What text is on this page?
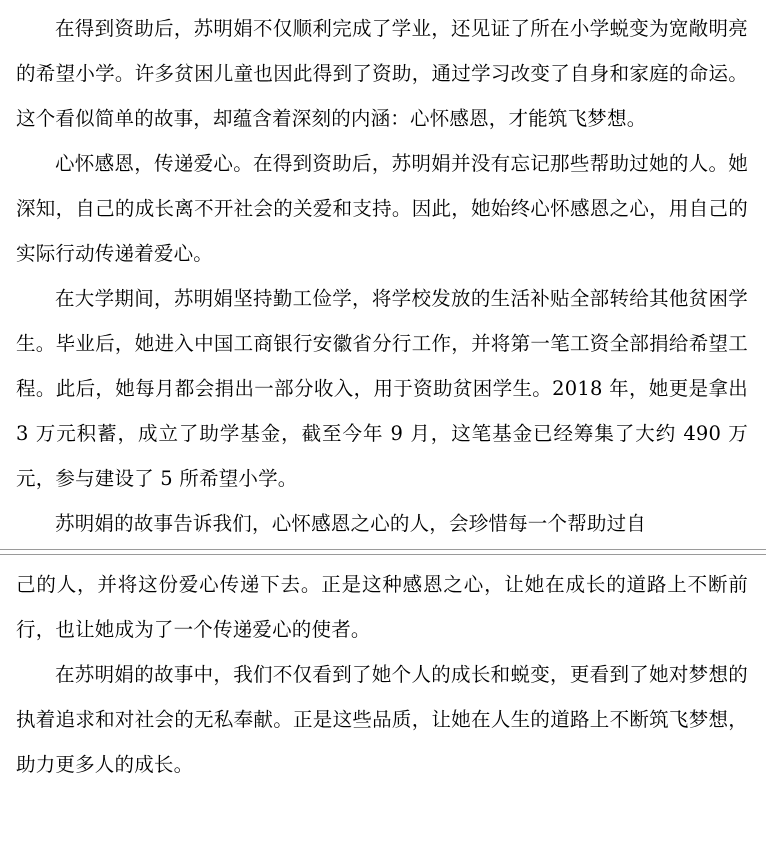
在得到资助后，苏明娟不仅顺利完成了学业，还见证了所在小学蜕变为宽敞明亮的希望小学。许多贫困儿童也因此得到了资助，通过学习改变了自身和家庭的命运。这个看似简单的故事，却蕴含着深刻的内涵：心怀感恩，才能筑飞梦想。

心怀感恩，传递爱心。在得到资助后，苏明娟并没有忘记那些帮助过她的人。她深知，自己的成长离不开社会的关爱和支持。因此，她始终心怀感恩之心，用自己的实际行动传递着爱心。

在大学期间，苏明娟坚持勤工俭学，将学校发放的生活补贴全部转给其他贫困学生。毕业后，她进入中国工商银行安徽省分行工作，并将第一笔工资全部捐给希望工程。此后，她每月都会捐出一部分收入，用于资助贫困学生。2018 年，她更是拿出 3 万元积蓄，成立了助学基金，截至今年 9 月，这笔基金已经筹集了大约 490 万元，参与建设了 5 所希望小学。

苏明娟的故事告诉我们，心怀感恩之心的人，会珍惜每一个帮助过自

己的人，并将这份爱心传递下去。正是这种感恩之心，让她在成长的道路上不断前行，也让她成为了一个传递爱心的使者。

在苏明娟的故事中，我们不仅看到了她个人的成长和蜕变，更看到了她对梦想的执着追求和对社会的无私奉献。正是这些品质，让她在人生的道路上不断筑飞梦想，助力更多人的成长。
